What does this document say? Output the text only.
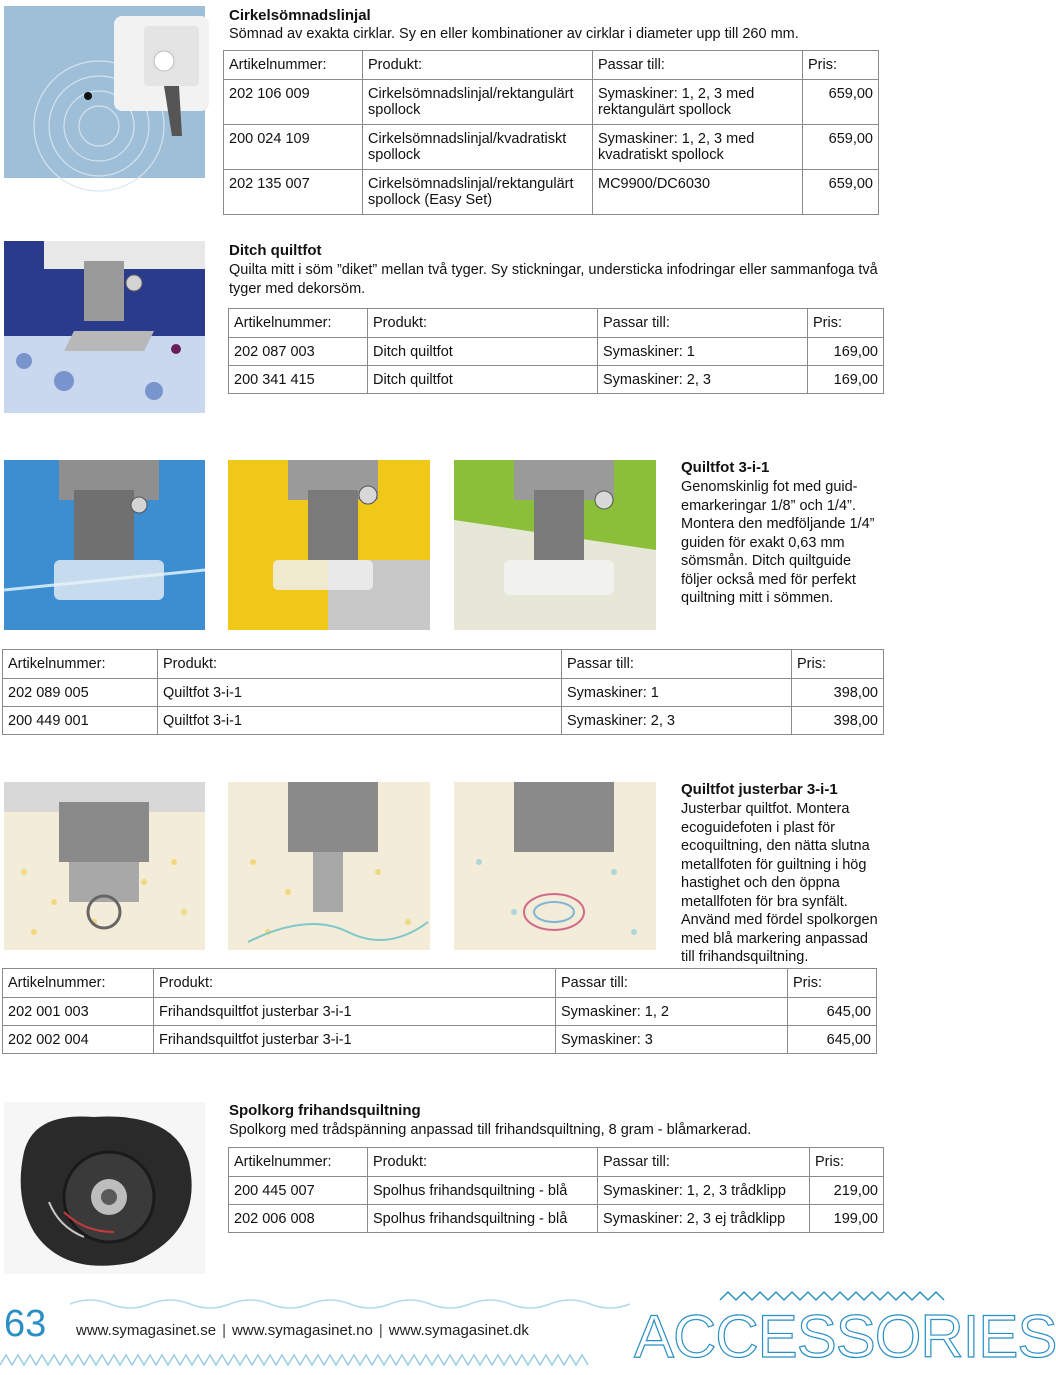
Cirkelsömnadslinjal
Sömnad av exakta cirklar. Sy en eller kombinationer av cirklar i diameter upp till 260 mm.
Artikelnummer:	Produkt:	Passar till:	Pris:
202 106 009	Cirkelsömnadslinjal/rektangulärt spollock	Symaskiner: 1, 2, 3 med rektangulärt spollock	659,00
200 024 109	Cirkelsömnadslinjal/kvadratiskt spollock	Symaskiner: 1, 2, 3 med kvadratiskt spollock	659,00
202 135 007	Cirkelsömnadslinjal/rektangulärt spollock (Easy Set)	MC9900/DC6030	659,00
Ditch quiltfot
Quilta mitt i söm ”diket” mellan två tyger. Sy stickningar, understicka infodringar eller sammanfoga två tyger med dekorsöm.
Artikelnummer:	Produkt:	Passar till:	Pris:
202 087 003	Ditch quiltfot	Symaskiner: 1	169,00
200 341 415	Ditch quiltfot	Symaskiner: 2, 3	169,00
Quiltfot 3-i-1
Genomskinlig fot med guid-emarkeringar 1/8” och 1/4”. Montera den medföljande 1/4” guiden för exakt 0,63 mm sömsmån. Ditch quiltguide följer också med för perfekt quiltning mitt i sömmen.
Artikelnummer:	Produkt:	Passar till:	Pris:
202 089 005	Quiltfot 3-i-1	Symaskiner: 1	398,00
200 449 001	Quiltfot 3-i-1	Symaskiner: 2, 3	398,00
Quiltfot justerbar 3-i-1
Justerbar quiltfot. Montera ecoguidefoten i plast för ecoquiltning, den nätta slutna metallfoten för guiltning i hög hastighet och den öppna metallfoten för bra synfält. Använd med fördel spolkorgen med blå markering anpassad till frihandsquiltning.
Artikelnummer:	Produkt:	Passar till:	Pris:
202 001 003	Frihandsquiltfot justerbar 3-i-1	Symaskiner: 1, 2	645,00
202 002 004	Frihandsquiltfot justerbar 3-i-1	Symaskiner: 3	645,00
Spolkorg frihandsquiltning
Spolkorg med trådspänning anpassad till frihandsquiltning, 8 gram - blåmarkerad.
Artikelnummer:	Produkt:	Passar till:	Pris:
200 445 007	Spolhus frihandsquiltning - blå	Symaskiner: 1, 2, 3 trådklipp	219,00
202 006 008	Spolhus frihandsquiltning - blå	Symaskiner: 2, 3 ej trådklipp	199,00
63 www.symagasinet.se | www.symagasinet.no | www.symagasinet.dk ACCESSORIES
